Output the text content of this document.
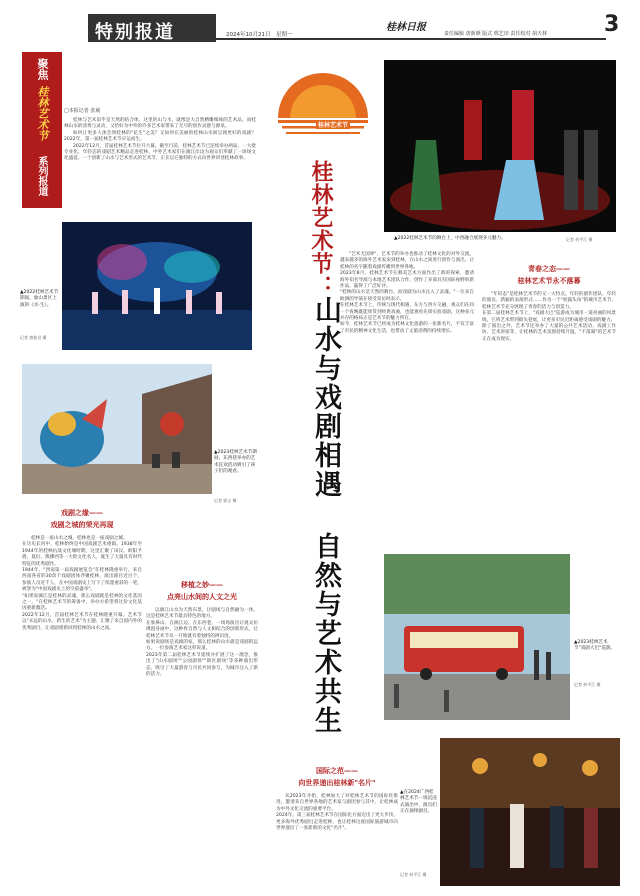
特别报道	2024年10月21日 星期一
桂林日报
责任编辑 唐新颜 版式 邢艺田 责任校对 胡天林	3
聚焦
桂林艺术节
系列报道
□本报记者 张葳

桂林与艺术似乎是天然的结合体，这里的山与水，就像是大自然精雕细琢的艺术品，而桂林山水的清秀与灵动，又恰好为中外的许多艺术家带来了无尽的创作灵感与源泉。

如何让更多人体会到桂林的"花生"之美？又如何在美丽的桂林山水间呈现更好的戏剧？2022年，第一届桂林艺术节应运而生。

2022年12月，首届桂林艺术节拉开大幕。截至目前，桂林艺术节已连续举办两届，一大批专业化、年轻态的戏剧艺术精品走进桂林，中外艺术家们在漓江岸边为观众们奉献了一场场文化盛宴。一个创新了山水与艺术形式的艺术节，正在以它独特的方式向世界讲述桂林故事。

▲2022桂林艺术节期间，象山景区上演的《水·生》。
记者 唐桂君 摄
▲2023桂林艺术节期间，东西巷举办的艺术狂欢活动吸引了孩子们的观看。
记者 郭义 摄
戏剧之缘——
戏剧之城的荣光再现

桂林是一座山水之城，桂林也是一座戏剧之城。
在历史长河中，桂林始终是中国戏剧艺术重镇。1938年至1944年的桂林抗战文化城时期，这里汇聚了田汉、欧阳予倩、夏衍、熊佛西等一大批文化名人，诞生了大量具有时代特征的优秀剧作。
1944年，"西南第一届戏剧展览会"在桂林隆重举行，来自西南各省的30余个戏剧团体齐聚桂林，演出剧目近百个，参演人员近千人，在中国戏剧史上写下了浓墨重彩的一笔，被誉为"中国戏剧史上的空前盛举"。
"如果说漓江是桂林的灵魂，那么戏剧就是桂林的文化基因之一。"在桂林艺术节的筹备中，举办方希望将这份文化基因重新激活。
2022年12月，首届桂林艺术节在桂林隆重开幕。艺术节以"永远的山水，新生的艺术"为主题，汇聚了来自国内外的优秀剧目，让戏剧重新回到桂林的山水之间。

移植之妙——
点亮山水间的人文之光

以漓江山水为天然布景，让剧场与自然融为一体，这是桂林艺术节最具特色的地方。
在象鼻山、在漓江边、在东西巷，一场场演出让观众仿佛置身画中。这种将自然与人文相结合的创新形式，让桂林艺术节从一开始就有着独特的辨识度。
如果说剧场是戏剧的家，那么桂林的山水就是戏剧的远方。一位参演艺术家这样说道。
2023年第二届桂林艺术节延续并扩展了这一理念，推出了"山水剧场""公园剧场""街区剧场"等多种演出形态，吸引了大量游客与市民共同参与，为城市注入了新的活力。

桂林艺术节
桂林艺术节：
山水与戏剧相遇 自然与艺术共生
▲2022桂林艺术节的舞台上，中西融合展现多元魅力。	记者 何平江 摄

"艺术无国界"，艺术节的举办也推动了桂林文化的对外交流。越来越多的海外艺术家来到桂林，在山水之间进行创作与演出，让桂林的名字随着戏剧传播到世界各地。
2023年8月，桂林艺术节在舞美艺术方面作出了新的探索，邀请海外知名导演与本地艺术团队合作，创作了多部具有国际视野的新作品，赢得了广泛好评。
"桂林的山水是天然的舞台，而戏剧为山水注入了灵魂。"一位来自欧洲的导演在接受采访时表示。
在桂林艺术节上，传统与现代相遇，东方与西方交融，观众们在同一个夜晚既能欣赏到经典戏曲，也能观看先锋实验戏剧，这种多元并存的格局正是艺术节的魅力所在。
如今，桂林艺术节已经成为桂林文化旅游的一张新名片，不仅丰富了市民的精神文化生活，也带动了文旅消费的持续增长。

青春之态——
桂林艺术节永不落幕

"年轻态"是桂林艺术节的又一大特点。年轻的剧作团队、年轻的演员、新颖的表演形式……作为一个"初露头角"的城市艺术节，桂林艺术节充分展现了青春的活力与创造力。
在第二届桂林艺术节上，"戏剧大巴"巡游成为城市一道亮丽的风景线，它将艺术带到街头巷尾，让更多市民近距离感受戏剧的魅力。
除了演出之外，艺术节还举办了大量的公共艺术活动、戏剧工作坊、艺术讲座等，让桂林的艺术氛围持续升温，"不落幕"的艺术节正在成为现实。

▲2023桂林艺术节"戏剧大巴"巡游。
记者 何平江 摄
国际之范——
向世界递出桂林新"名片"

从2023年开始，桂林加大了对桂林艺术节的国际化推进，邀请来自世界各地的艺术家与剧团参与其中，让桂林成为中外文化交流的重要平台。
2024年，第三届桂林艺术节在国际化方面迈出了更大步伐，更多海外优秀剧目走进桂林，也让桂林这座国际旅游城市向世界递出了一张崭新的文化"名片"。

▲在2024广西桂林艺术节一场沉浸式演出中，演员们正在演绎剧目。
记者 何平江 摄
